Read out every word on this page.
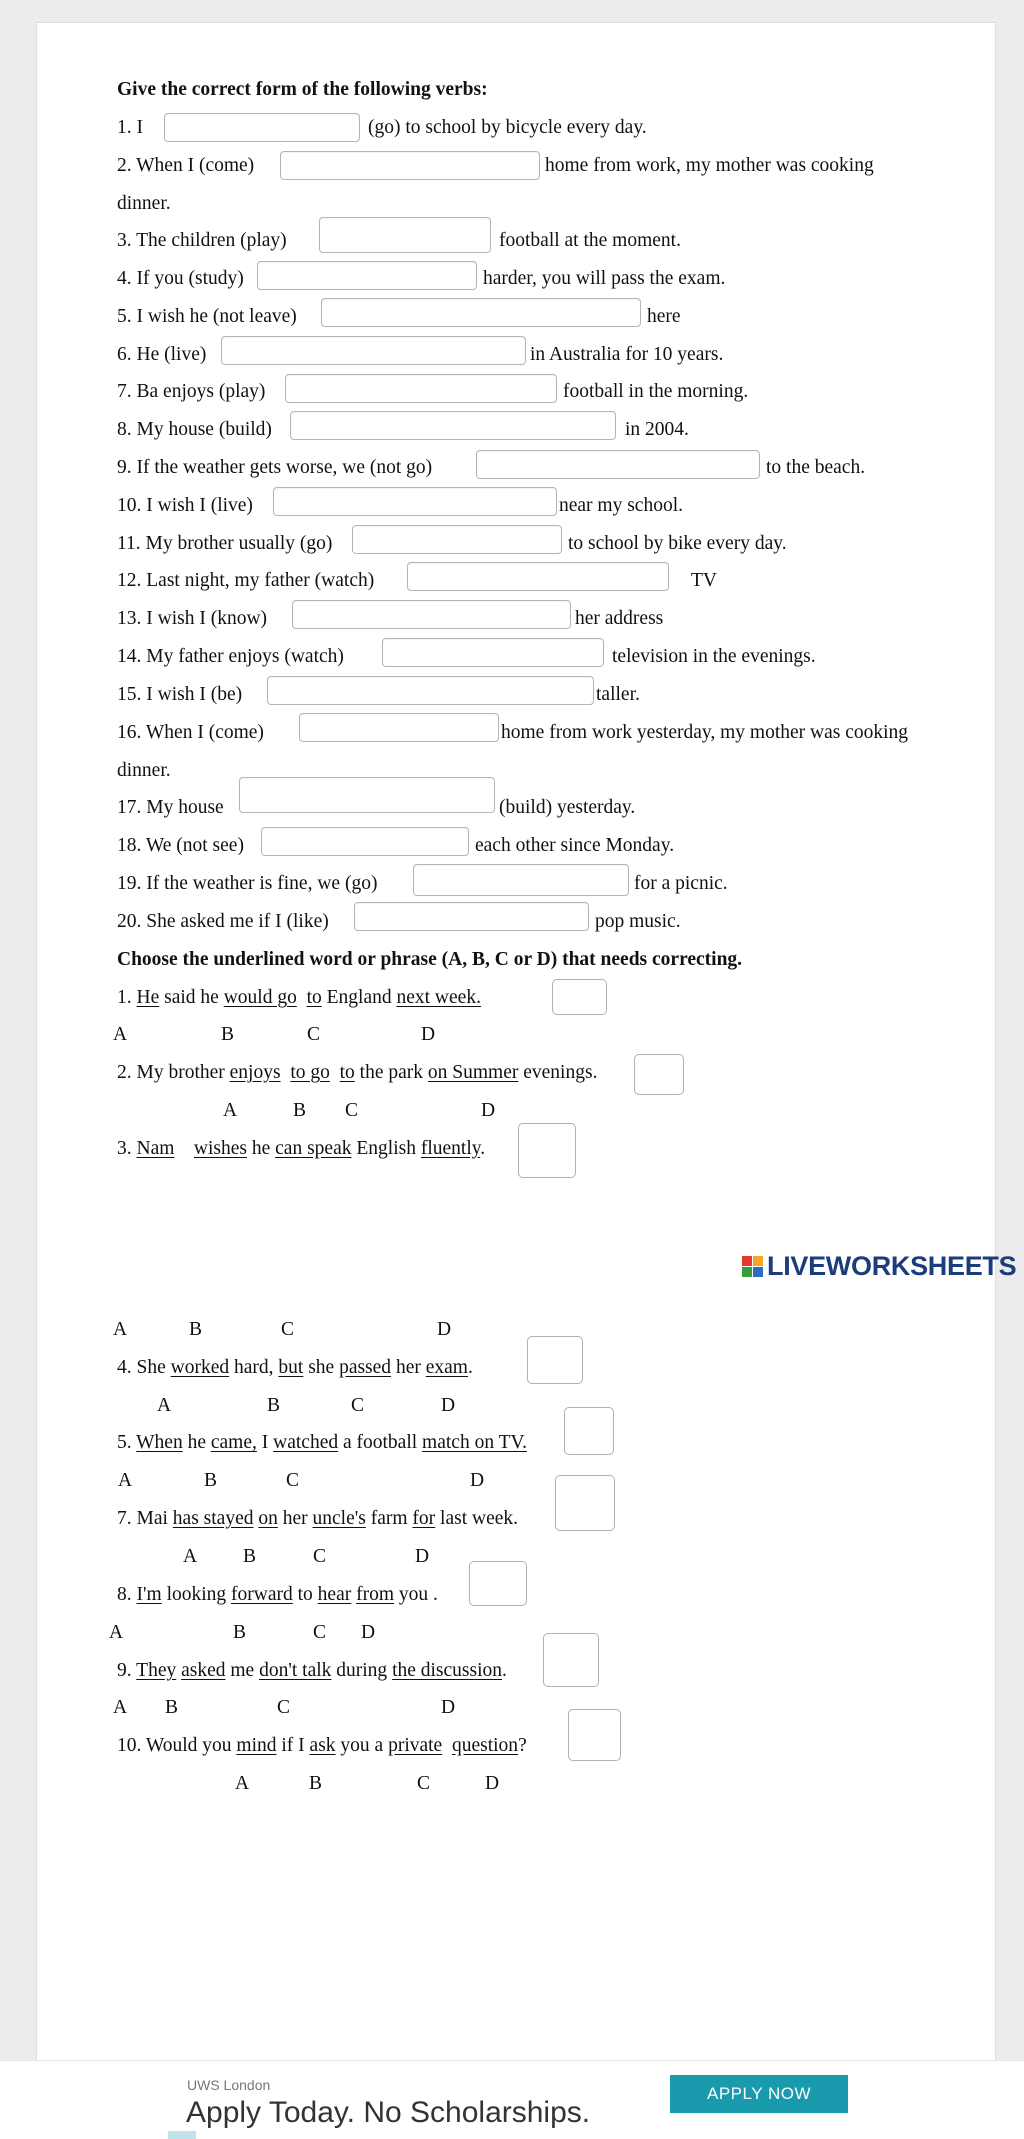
Give the correct form of the following verbs:
1. I	(go) to school by bicycle every day.
2. When I (come)	home from work, my mother was cooking
dinner.
3. The children (play)	football at the moment.
4. If you (study)	harder, you will pass the exam.
5. I wish he (not leave)	here
6. He (live)	in Australia for 10 years.
7. Ba enjoys (play)	football in the morning.
8. My house (build)	in 2004.
9. If the weather gets worse, we (not go)	to the beach.
10. I wish I (live)	near my school.
11. My brother usually (go)	to school by bike every day.
12. Last night, my father (watch)	TV
13. I wish I (know)	her address
14. My father enjoys (watch)	television in the evenings.
15. I wish I (be)	taller.
16. When I (come)	home from work yesterday, my mother was cooking
dinner.
17. My house	(build) yesterday.
18. We (not see)	each other since Monday.
19. If the weather is fine, we (go)	for a picnic.
20. She asked me if I (like)	pop music.
Choose the underlined word or phrase (A, B, C or D) that needs correcting.
1. He said he would go to England next week.
A	B	C	D
2. My brother enjoys to go to the park on Summer evenings.
A	B C	D
3. Nam wishes he can speak English fluently.
LIVEWORKSHEETS
A	B	C	D
4. She worked hard, but she passed her exam.
A	B	C	D
5. When he came, I watched a football match on TV.
A	B	C	D
7. Mai has stayed on her uncle's farm for last week.
A B	C	D
8. I'm looking forward to hear from you .
A	B	C D
9. They asked me don't talk during the discussion.
A B	C	D
10. Would you mind if I ask you a private question?
A	B	C	D
UWS London
Apply Today. No Scholarships.
APPLY NOW
